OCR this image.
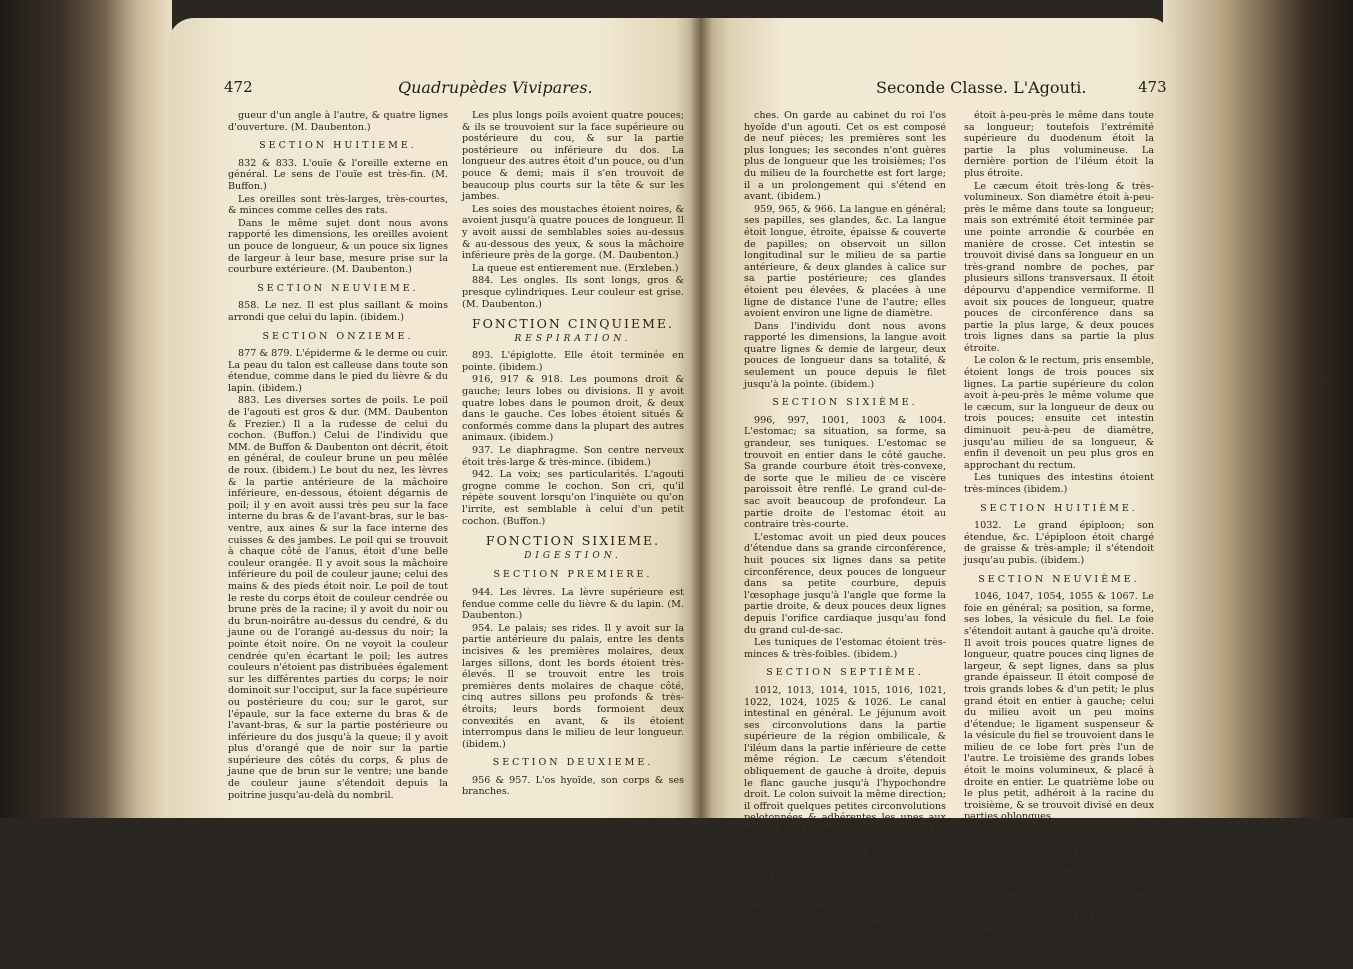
472	Quadrupèdes Vivipares.

gueur d'un angle à l'autre, & quatre lignes d'ouverture. (M. Daubenton.)

SECTION HUITIEME.

832 & 833. L'ouïe & l'oreille externe en général. Le sens de l'ouïe est très-fin. (M. Buffon.)

Les oreilles sont très-larges, très-courtes, & minces comme celles des rats.

Dans le même sujet dont nous avons rapporté les dimensions, les oreilles avoient un pouce de longueur, & un pouce six lignes de largeur à leur base, mesure prise sur la courbure extérieure. (M. Daubenton.)

SECTION NEUVIEME.

858. Le nez. Il est plus saillant & moins arrondi que celui du lapin. (ibidem.)

SECTION ONZIEME.

877 & 879. L'épiderme & le derme ou cuir. La peau du talon est calleuse dans toute son étendue, comme dans le pied du lièvre & du lapin. (ibidem.)

883. Les diverses sortes de poils. Le poil de l'agouti est gros & dur. (MM. Daubenton & Frezier.) Il a la rudesse de celui du cochon. (Buffon.) Celui de l'individu que MM. de Buffon & Daubenton ont décrit, étoit en général, de couleur brune un peu mêlée de roux. (ibidem.) Le bout du nez, les lèvres & la partie antérieure de la mâchoire inférieure, en-dessous, étoient dégarnis de poil; il y en avoit aussi très peu sur la face interne du bras & de l'avant-bras, sur le bas-ventre, aux aines & sur la face interne des cuisses & des jambes. Le poil qui se trouvoit à chaque côté de l'anus, étoit d'une belle couleur orangée. Il y avoit sous la mâchoire inférieure du poil de couleur jaune; celui des mains & des pieds étoit noir. Le poil de tout le reste du corps étoit de couleur cendrée ou brune près de la racine; il y avoit du noir ou du brun-noirâtre au-dessus du cendré, & du jaune ou de l'orangé au-dessus du noir; la pointe étoit noire. On ne voyoit la couleur cendrée qu'en écartant le poil; les autres couleurs n'étoient pas distribuées également sur les différentes parties du corps; le noir dominoit sur l'occiput, sur la face supérieure ou postérieure du cou; sur le garot, sur l'épaule, sur la face externe du bras & de l'avant-bras, & sur la partie postérieure ou inférieure du dos jusqu'à la queue; il y avoit plus d'orangé que de noir sur la partie supérieure des côtés du corps, & plus de jaune que de brun sur le ventre; une bande de couleur jaune s'étendoit depuis la poitrine jusqu'au-delà du nombril.

Les plus longs poils avoient quatre pouces; & ils se trouvoient sur la face supérieure ou postérieure du cou, & sur la partie postérieure ou inférieure du dos. La longueur des autres étoit d'un pouce, ou d'un pouce & demi; mais il s'en trouvoit de beaucoup plus courts sur la tête & sur les jambes.

Les soies des moustaches étoient noires, & avoient jusqu'à quatre pouces de longueur. Il y avoit aussi de semblables soies au-dessus & au-dessous des yeux, & sous la mâchoire inférieure près de la gorge. (M. Daubenton.)

La queue est entierement nue. (Erxleben.)

884. Les ongles. Ils sont longs, gros & presque cylindriques. Leur couleur est grise. (M. Daubenton.)

FONCTION CINQUIEME.

RESPIRATION.

893. L'épiglotte. Elle étoit terminée en pointe. (ibidem.)

916, 917 & 918. Les poumons droit & gauche; leurs lobes ou divisions. Il y avoit quatre lobes dans le poumon droit, & deux dans le gauche. Ces lobes étoient situés & conformés comme dans la plupart des autres animaux. (ibidem.)

937. Le diaphragme. Son centre nerveux étoit très-large & très-mince. (ibidem.)

942. La voix; ses particularités. L'agouti grogne comme le cochon. Son cri, qu'il répète souvent lorsqu'on l'inquiète ou qu'on l'irrite, est semblable à celui d'un petit cochon. (Buffon.)

FONCTION SIXIEME.

DIGESTION.

SECTION PREMIERE.

944. Les lèvres. La lèvre supérieure est fendue comme celle du lièvre & du lapin. (M. Daubenton.)

954. Le palais; ses rides. Il y avoit sur la partie antérieure du palais, entre les dents incisives & les premières molaires, deux larges sillons, dont les bords étoient très-élevés. Il se trouvoit entre les trois premières dents molaires de chaque côté, cinq autres sillons peu profonds & très-étroits; leurs bords formoient deux convexités en avant, & ils étoient interrompus dans le milieu de leur longueur. (ibidem.)

SECTION DEUXIEME.

956 & 957. L'os hyoïde, son corps & ses branches.

Seconde Classe. L'Agouti.	473

ches. On garde au cabinet du roi l'os hyoïde d'un agouti. Cet os est composé de neuf pièces; les premières sont les plus longues; les secondes n'ont guères plus de longueur que les troisièmes; l'os du milieu de la fourchette est fort large; il a un prolongement qui s'étend en avant. (ibidem.)

959, 965, & 966. La langue en général; ses papilles, ses glandes, &c. La langue étoit longue, étroite, épaisse & couverte de papilles; on observoit un sillon longitudinal sur le milieu de sa partie antérieure, & deux glandes à calice sur sa partie postérieure; ces glandes étoient peu élevées, & placées à une ligne de distance l'une de l'autre; elles avoient environ une ligne de diamètre.

Dans l'individu dont nous avons rapporté les dimensions, la langue avoit quatre lignes & demie de largeur, deux pouces de longueur dans sa totalité, & seulement un pouce depuis le filet jusqu'à la pointe. (ibidem.)

SECTION SIXIÈME.

996, 997, 1001, 1003 & 1004. L'estomac; sa situation, sa forme, sa grandeur, ses tuniques. L'estomac se trouvoit en entier dans le côté gauche. Sa grande courbure étoit très-convexe, de sorte que le milieu de ce viscère paroissoit être renflé. Le grand cul-de-sac avoit beaucoup de profondeur. La partie droite de l'estomac étoit au contraire très-courte.

L'estomac avoit un pied deux pouces d'étendue dans sa grande circonférence, huit pouces six lignes dans sa petite circonférence, deux pouces de longueur dans sa petite courbure, depuis l'œsophage jusqu'à l'angle que forme la partie droite, & deux pouces deux lignes depuis l'orifice cardiaque jusqu'au fond du grand cul-de-sac.

Les tuniques de l'estomac étoient très-minces & très-foibles. (ibidem.)

SECTION SEPTIÈME.

1012, 1013, 1014, 1015, 1016, 1021, 1022, 1024, 1025 & 1026. Le canal intestinal en général. Le jéjunum avoit ses circonvolutions dans la partie supérieure de la région ombilicale, & l'iléum dans la partie inférieure de cette même région. Le cæcum s'étendoit obliquement de gauche à droite, depuis le flanc gauche jusqu'à l'hypochondre droit. Le colon suivoit la même direction; il offroit quelques petites circonvolutions pelotonnées & adhérentes les unes aux autres dans l'hypochondre droit, près de l'extrémité du cæcum; ensuite il se replioit sur l'estomac, & faisoit quelques sinuosités sur la colonne vertébrale, avant de se joindre au rectum.

L'intestin grêle avoit vingt pieds de longueur depuis le pylore jusqu'au cæcum. Son diamètre

Syst. anatom. des Animaux. Tom. II.

étoit à-peu-près le même dans toute sa longueur; toutefois l'extrémité supérieure du duodenum étoit la partie la plus volumineuse. La dernière portion de l'iléum étoit la plus étroite.

Le cæcum étoit très-long & très-volumineux. Son diamètre étoit à-peu-près le même dans toute sa longueur; mais son extrémité étoit terminée par une pointe arrondie & courbée en manière de crosse. Cet intestin se trouvoit divisé dans sa longueur en un très-grand nombre de poches, par plusieurs sillons transversaux. Il étoit dépourvu d'appendice vermiforme. Il avoit six pouces de longueur, quatre pouces de circonférence dans sa partie la plus large, & deux pouces trois lignes dans sa partie la plus étroite.

Le colon & le rectum, pris ensemble, étoient longs de trois pouces six lignes. La partie supérieure du colon avoit à-peu-près le même volume que le cæcum, sur la longueur de deux ou trois pouces; ensuite cet intestin diminuoit peu-à-peu de diamètre, jusqu'au milieu de sa longueur, & enfin il devenoit un peu plus gros en approchant du rectum.

Les tuniques des intestins étoient très-minces (ibidem.)

SECTION HUITIÈME.

1032. Le grand épiploon; son étendue, &c. L'épiploon étoit chargé de graisse & très-ample; il s'étendoit jusqu'au pubis. (ibidem.)

SECTION NEUVIÈME.

1046, 1047, 1054, 1055 & 1067. Le foie en général; sa position, sa forme, ses lobes, la vésicule du fiel. Le foie s'étendoit autant à gauche qu'à droite. Il avoit trois pouces quatre lignes de longueur, quatre pouces cinq lignes de largeur, & sept lignes, dans sa plus grande épaisseur. Il étoit composé de trois grands lobes & d'un petit; le plus grand étoit en entier à gauche; celui du milieu avoit un peu moins d'étendue; le ligament suspenseur & la vésicule du fiel se trouvoient dans le milieu de ce lobe fort près l'un de l'autre. Le troisième des grands lobes étoit le moins volumineux, & placé à droite en entier. Le quatrième lobe ou le plus petit, adhéroit à la racine du troisième, & se trouvoit divisé en deux parties oblongues.

Le foie avoit une couleur rougeâtre au-dehors & dans sa substance; il pesoit deux onces sept gros & demi.

La vésicule du fiel avoit la forme d'une poire; elle contenoit une très-petite quantité de liqueur épaisse. (ibidem.)

SECTION DIXIEME.

1068. La rate en général, sa forme, &c. La rate

O o o
